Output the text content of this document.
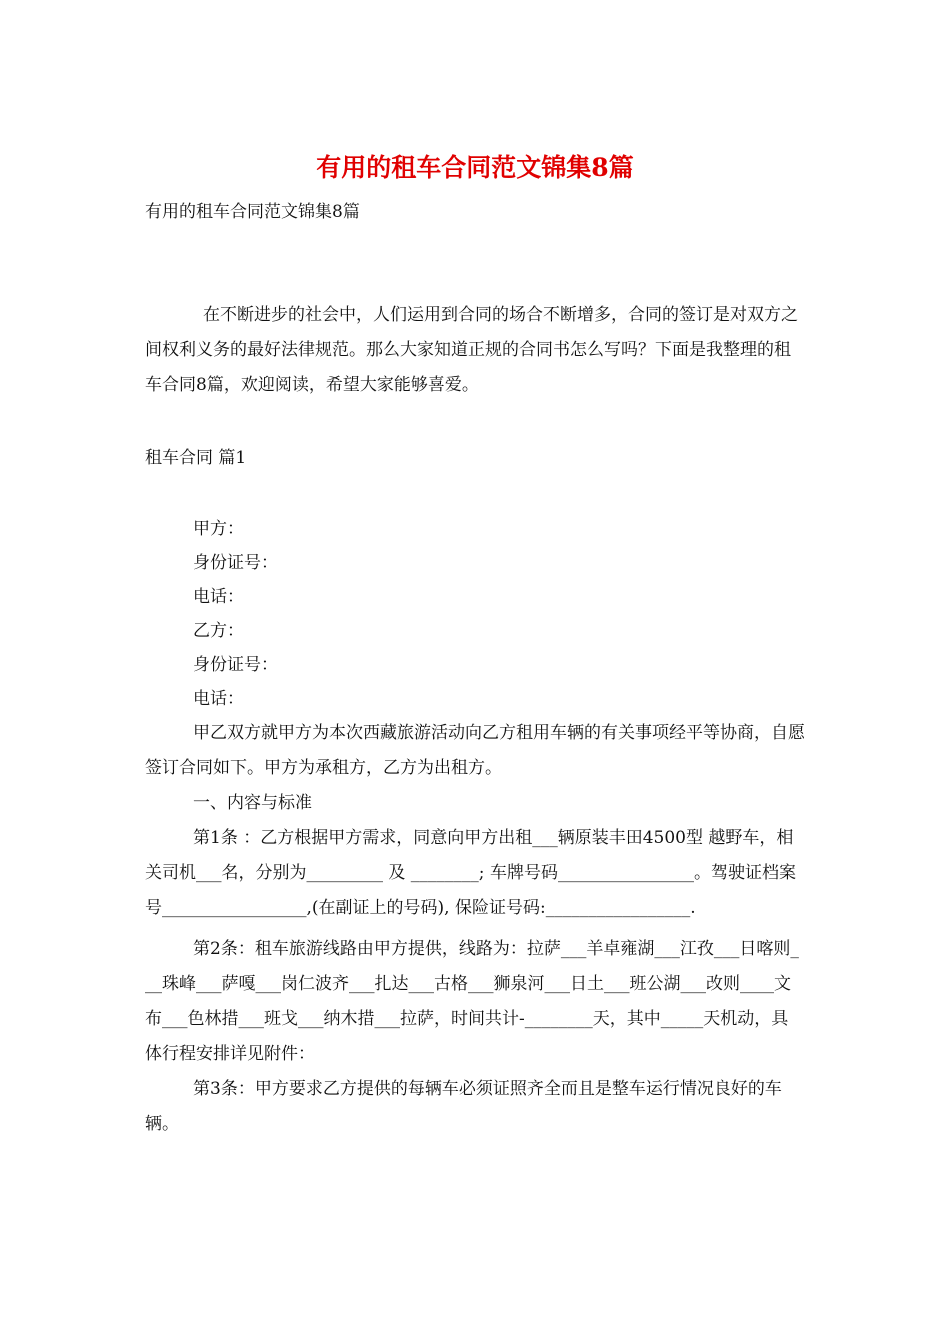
有用的租车合同范文锦集8篇

有用的租车合同范文锦集8篇

在不断进步的社会中，人们运用到合同的场合不断增多，合同的签订是对双方之间权利义务的最好法律规范。那么大家知道正规的合同书怎么写吗？下面是我整理的租车合同8篇，欢迎阅读，希望大家能够喜爱。

租车合同 篇1

甲方：
身份证号：
电话：
乙方：
身份证号：
电话：

甲乙双方就甲方为本次西藏旅游活动向乙方租用车辆的有关事项经平等协商，自愿签订合同如下。甲方为承租方，乙方为出租方。

一、内容与标准

第1条 ：乙方根据甲方需求，同意向甲方出租___辆原装丰田4500型 越野车，相关司机___名，分别为_________ 及 ________; 车牌号码________________。驾驶证档案号_________________,(在副证上的号码), 保险证号码:_________________.

第2条：租车旅游线路由甲方提供，线路为：拉萨___羊卓雍湖___江孜___日喀则___珠峰___萨嘎___岗仁波齐___扎达___古格___狮泉河___日土___班公湖___改则____文布___色林措___班戈___纳木措___拉萨，时间共计-________天，其中_____天机动，具体行程安排详见附件：

第3条：甲方要求乙方提供的每辆车必须证照齐全而且是整车运行情况良好的车辆。
